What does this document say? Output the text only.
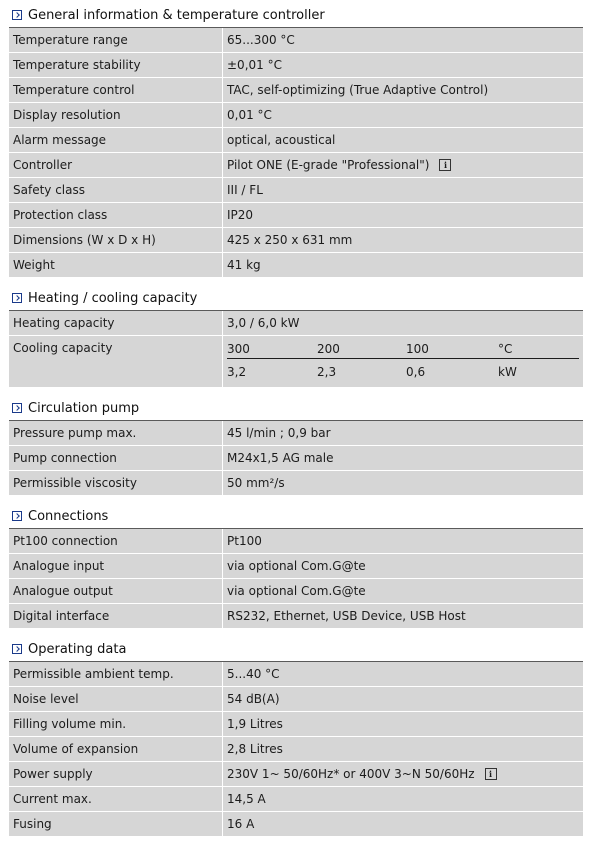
General information & temperature controller
Temperature range	65...300 °C
Temperature stability	±0,01 °C
Temperature control	TAC, self-optimizing (True Adaptive Control)
Display resolution	0,01 °C
Alarm message	optical, acoustical
Controller	Pilot ONE (E-grade "Professional")	i
Safety class	III / FL
Protection class	IP20
Dimensions (W x D x H)	425 x 250 x 631 mm
Weight	41 kg
Heating / cooling capacity
Heating capacity	3,0 / 6,0 kW
Cooling capacity	300	200	100	°C
3,2	2,3	0,6	kW
Circulation pump
Pressure pump max.	45 l/min ; 0,9 bar
Pump connection	M24x1,5 AG male
Permissible viscosity	50 mm²/s
Connections
Pt100 connection	Pt100
Analogue input	via optional Com.G@te
Analogue output	via optional Com.G@te
Digital interface	RS232, Ethernet, USB Device, USB Host
Operating data
Permissible ambient temp.	5...40 °C
Noise level	54 dB(A)
Filling volume min.	1,9 Litres
Volume of expansion	2,8 Litres
Power supply	230V 1~ 50/60Hz* or 400V 3~N 50/60Hz	i
Current max.	14,5 A
Fusing	16 A
